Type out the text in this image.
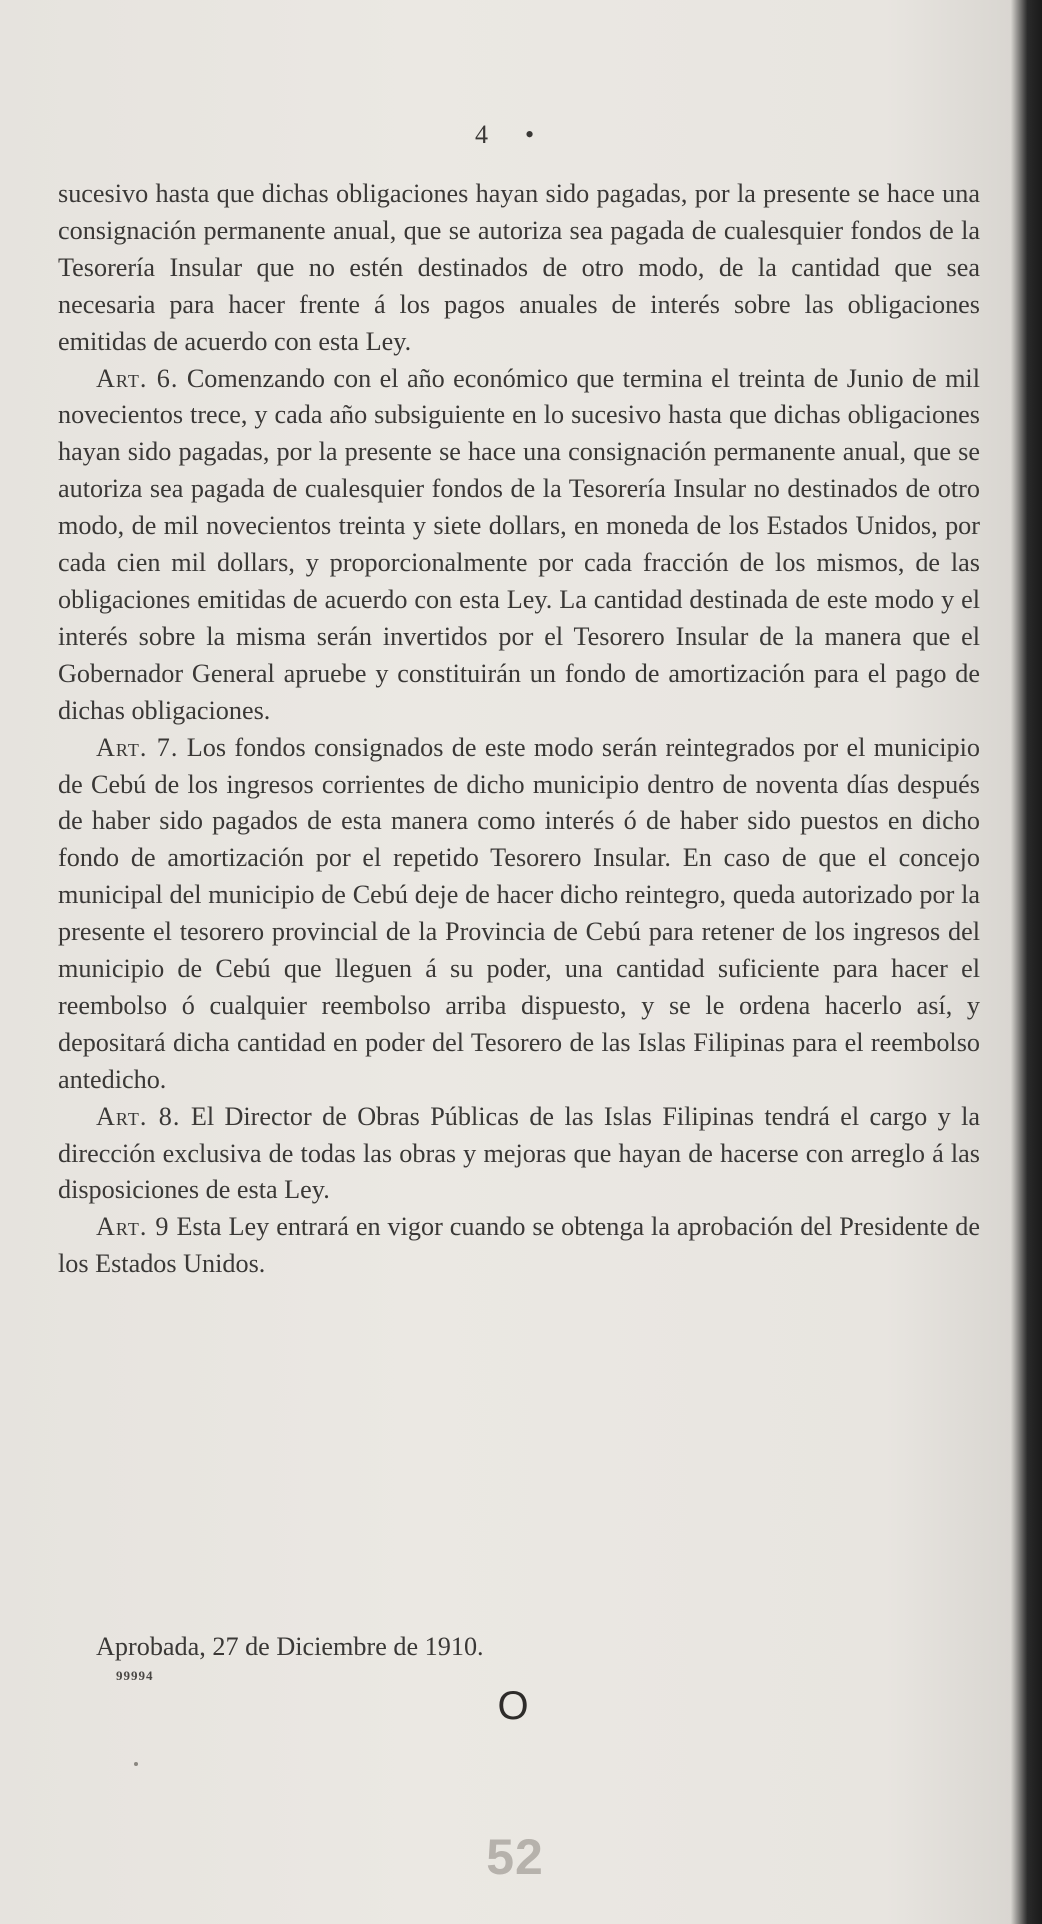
4 •

sucesivo hasta que dichas obligaciones hayan sido pagadas, por la presente se hace una consignación permanente anual, que se autoriza sea pagada de cualesquier fondos de la Tesorería Insular que no estén destinados de otro modo, de la cantidad que sea necesaria para hacer frente á los pagos anuales de interés sobre las obligaciones emitidas de acuerdo con esta Ley.

Art. 6. Comenzando con el año económico que termina el treinta de Junio de mil novecientos trece, y cada año subsiguiente en lo sucesivo hasta que dichas obligaciones hayan sido pagadas, por la presente se hace una consignación permanente anual, que se autoriza sea pagada de cualesquier fondos de la Tesorería Insular no destinados de otro modo, de mil novecientos treinta y siete dollars, en moneda de los Estados Unidos, por cada cien mil dollars, y proporcionalmente por cada fracción de los mismos, de las obligaciones emitidas de acuerdo con esta Ley. La cantidad destinada de este modo y el interés sobre la misma serán invertidos por el Tesorero Insular de la manera que el Gobernador General apruebe y constituirán un fondo de amortización para el pago de dichas obligaciones.

Art. 7. Los fondos consignados de este modo serán reintegrados por el municipio de Cebú de los ingresos corrientes de dicho municipio dentro de noventa días después de haber sido pagados de esta manera como interés ó de haber sido puestos en dicho fondo de amortización por el repetido Tesorero Insular. En caso de que el concejo municipal del municipio de Cebú deje de hacer dicho reintegro, queda autorizado por la presente el tesorero provincial de la Provincia de Cebú para retener de los ingresos del municipio de Cebú que lleguen á su poder, una cantidad suficiente para hacer el reembolso ó cualquier reembolso arriba dispuesto, y se le ordena hacerlo así, y depositará dicha cantidad en poder del Tesorero de las Islas Filipinas para el reembolso antedicho.

Art. 8. El Director de Obras Públicas de las Islas Filipinas tendrá el cargo y la dirección exclusiva de todas las obras y mejoras que hayan de hacerse con arreglo á las disposiciones de esta Ley.

Art. 9 Esta Ley entrará en vigor cuando se obtenga la aprobación del Presidente de los Estados Unidos.

Aprobada, 27 de Diciembre de 1910.
99994
O
52
